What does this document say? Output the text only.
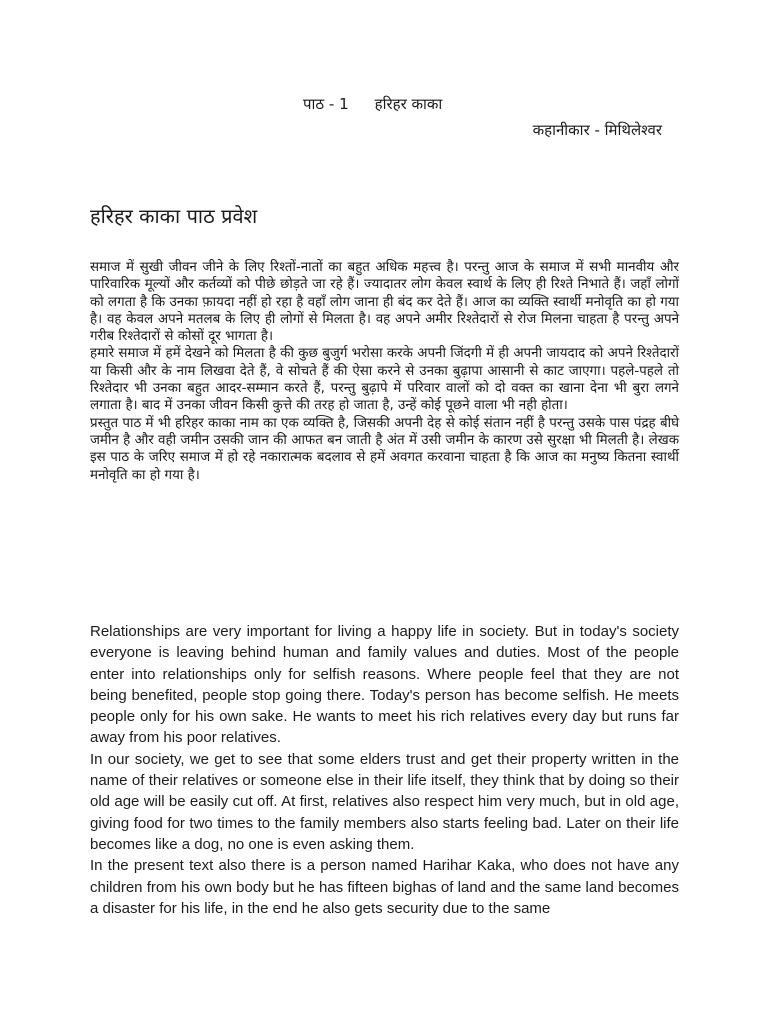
पाठ - 1 हरिहर काका
कहानीकार - मिथिलेश्वर
हरिहर काका पाठ प्रवेश

समाज में सुखी जीवन जीने के लिए रिश्तों-नातों का बहुत अधिक महत्त्व है। परन्तु आज के समाज में सभी मानवीय और पारिवारिक मूल्यों और कर्तव्यों को पीछे छोड़ते जा रहे हैं। ज्यादातर लोग केवल स्वार्थ के लिए ही रिश्ते निभाते हैं। जहाँ लोगों को लगता है कि उनका फ़ायदा नहीं हो रहा है वहाँ लोग जाना ही बंद कर देते हैं। आज का व्यक्ति स्वार्थी मनोवृति का हो गया है। वह केवल अपने मतलब के लिए ही लोगों से मिलता है। वह अपने अमीर रिश्तेदारों से रोज मिलना चाहता है परन्तु अपने गरीब रिश्तेदारों से कोसों दूर भागता है।

हमारे समाज में हमें देखने को मिलता है की कुछ बुजुर्ग भरोसा करके अपनी जिंदगी में ही अपनी जायदाद को अपने रिश्तेदारों या किसी और के नाम लिखवा देते हैं, वे सोचते हैं की ऐसा करने से उनका बुढ़ापा आसानी से काट जाएगा। पहले-पहले तो रिश्तेदार भी उनका बहुत आदर-सम्मान करते हैं, परन्तु बुढ़ापे में परिवार वालों को दो वक्त का खाना देना भी बुरा लगने लगाता है। बाद में उनका जीवन किसी कुत्ते की तरह हो जाता है, उन्हें कोई पूछने वाला भी नही होता।

प्रस्तुत पाठ में भी हरिहर काका नाम का एक व्यक्ति है, जिसकी अपनी देह से कोई संतान नहीं है परन्तु उसके पास पंद्रह बीघे जमीन है और वही जमीन उसकी जान की आफत बन जाती है अंत में उसी जमीन के कारण उसे सुरक्षा भी मिलती है। लेखक इस पाठ के जरिए समाज में हो रहे नकारात्मक बदलाव से हमें अवगत करवाना चाहता है कि आज का मनुष्य कितना स्वार्थी मनोवृति का हो गया है।

Relationships are very important for living a happy life in society. But in today's society everyone is leaving behind human and family values and duties. Most of the people enter into relationships only for selfish reasons. Where people feel that they are not being benefited, people stop going there. Today's person has become selfish. He meets people only for his own sake. He wants to meet his rich relatives every day but runs far away from his poor relatives.

In our society, we get to see that some elders trust and get their property written in the name of their relatives or someone else in their life itself, they think that by doing so their old age will be easily cut off. At first, relatives also respect him very much, but in old age, giving food for two times to the family members also starts feeling bad. Later on their life becomes like a dog, no one is even asking them.

In the present text also there is a person named Harihar Kaka, who does not have any children from his own body but he has fifteen bighas of land and the same land becomes a disaster for his life, in the end he also gets security due to the same
